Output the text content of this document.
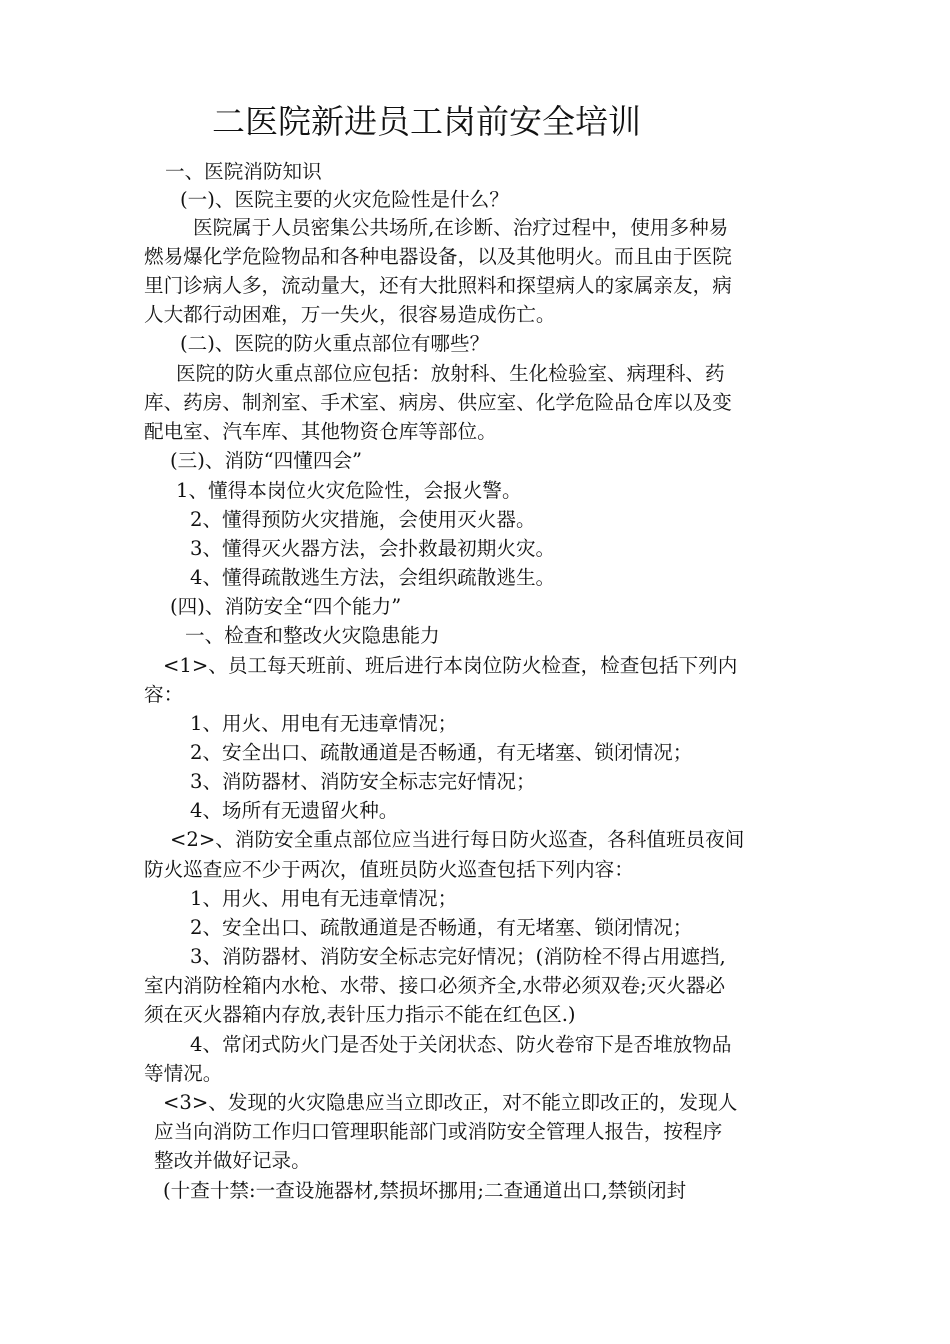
二医院新进员工岗前安全培训
一、医院消防知识
(一)、医院主要的火灾危险性是什么？
医院属于人员密集公共场所,在诊断、治疗过程中，使用多种易
燃易爆化学危险物品和各种电器设备，以及其他明火。而且由于医院
里门诊病人多，流动量大，还有大批照料和探望病人的家属亲友，病
人大都行动困难，万一失火，很容易造成伤亡。
(二)、医院的防火重点部位有哪些？
医院的防火重点部位应包括：放射科、生化检验室、病理科、药
库、药房、制剂室、手术室、病房、供应室、化学危险品仓库以及变
配电室、汽车库、其他物资仓库等部位。
(三)、消防“四懂四会”
1、懂得本岗位火灾危险性，会报火警。
2、懂得预防火灾措施，会使用灭火器。
3、懂得灭火器方法，会扑救最初期火灾。
4、懂得疏散逃生方法，会组织疏散逃生。
(四)、消防安全“四个能力”
一、检查和整改火灾隐患能力
<1>、员工每天班前、班后进行本岗位防火检查，检查包括下列内
容：
1、用火、用电有无违章情况；
2、安全出口、疏散通道是否畅通，有无堵塞、锁闭情况；
3、消防器材、消防安全标志完好情况；
4、场所有无遗留火种。
<2>、消防安全重点部位应当进行每日防火巡查，各科值班员夜间
防火巡查应不少于两次，值班员防火巡查包括下列内容：
1、用火、用电有无违章情况；
2、安全出口、疏散通道是否畅通，有无堵塞、锁闭情况；
3、消防器材、消防安全标志完好情况；(消防栓不得占用遮挡,
室内消防栓箱内水枪、水带、接口必须齐全,水带必须双卷;灭火器必
须在灭火器箱内存放,表针压力指示不能在红色区.)
4、常闭式防火门是否处于关闭状态、防火卷帘下是否堆放物品
等情况。
<3>、发现的火灾隐患应当立即改正，对不能立即改正的，发现人
应当向消防工作归口管理职能部门或消防安全管理人报告，按程序
整改并做好记录。
(十查十禁:一查设施器材,禁损坏挪用;二查通道出口,禁锁闭封
